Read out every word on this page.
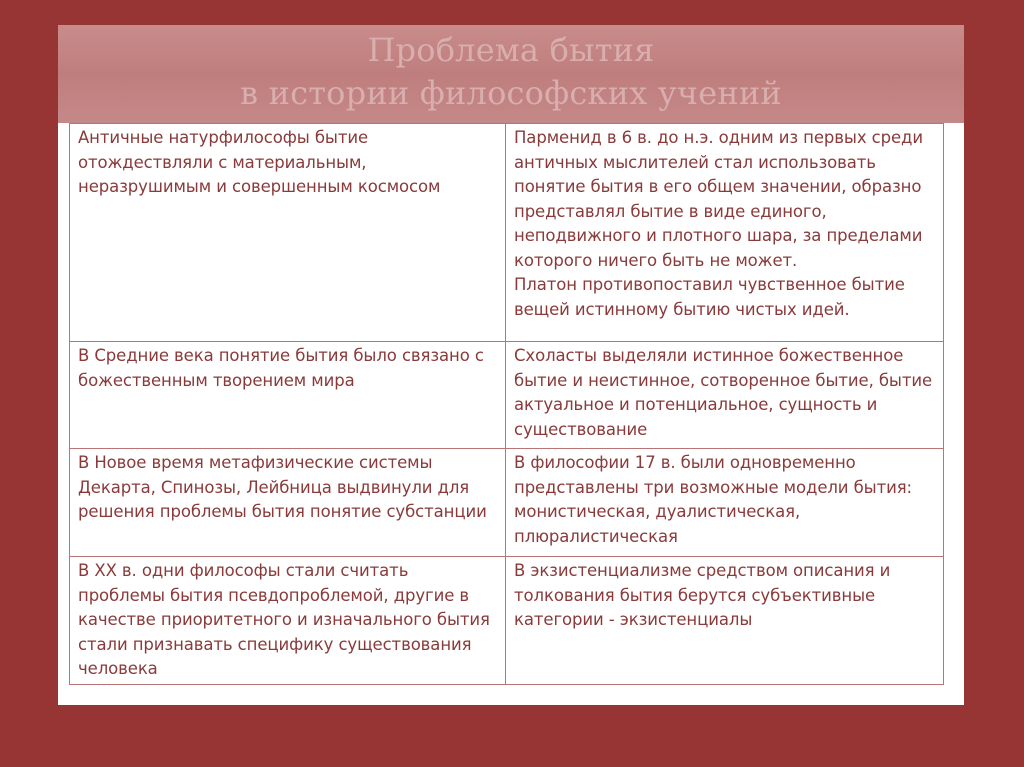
Проблема бытия
в истории философских учений
Античные натурфилософы бытие отождествляли с материальным, неразрушимым и совершенным космосом	Парменид в 6 в. до н.э. одним из первых среди античных мыслителей стал использовать понятие бытия в его общем значении, образно представлял бытие в виде единого, неподвижного и плотного шара, за пределами которого ничего быть не может.
Платон противопоставил чувственное бытие вещей истинному бытию чистых идей.

В Средние века понятие бытия было связано с божественным творением мира	Схоласты выделяли истинное божественное бытие и неистинное, сотворенное бытие, бытие актуальное и потенциальное, сущность и существование

В Новое время метафизические системы Декарта, Спинозы, Лейбница выдвинули для решения проблемы бытия понятие субстанции	В философии 17 в. были одновременно представлены три возможные модели бытия: монистическая, дуалистическая, плюралистическая

В XX в. одни философы стали считать проблемы бытия псевдопроблемой, другие в качестве приоритетного и изначального бытия стали признавать специфику существования человека	В экзистенциализме средством описания и толкования бытия берутся субъективные категории - экзистенциалы
